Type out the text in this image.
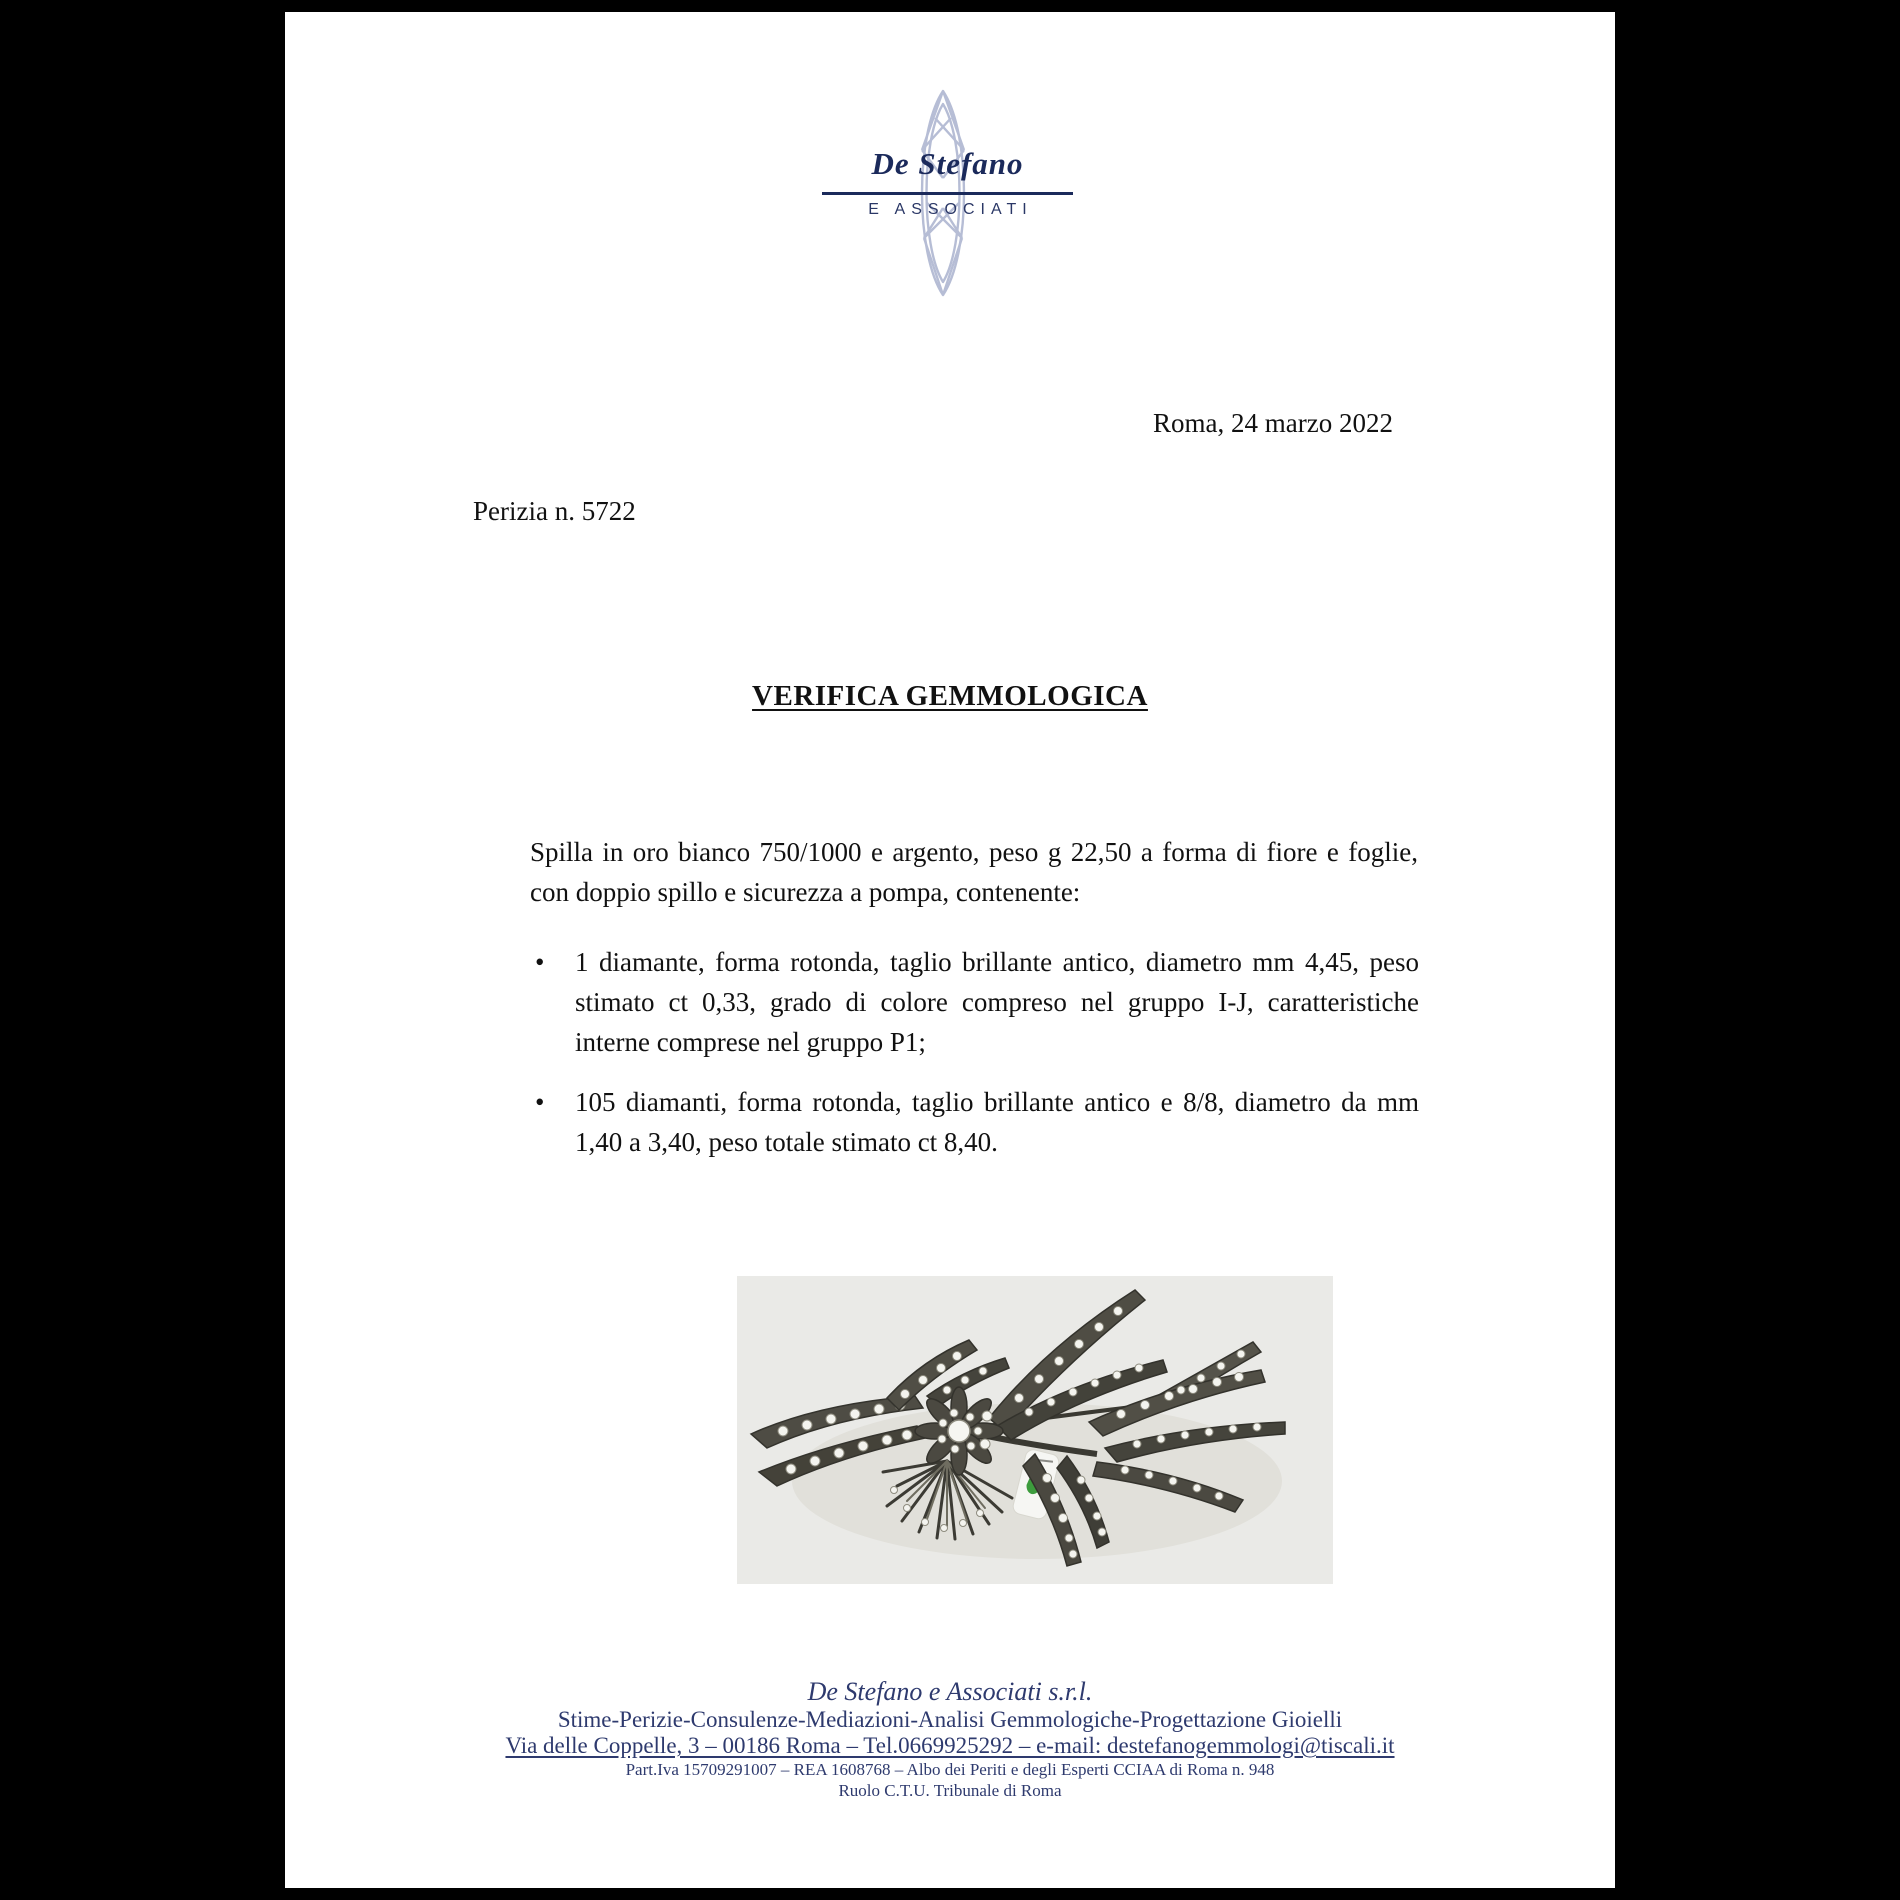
De Stefano
E ASSOCIATI
Roma, 24 marzo 2022
Perizia n. 5722
VERIFICA GEMMOLOGICA
Spilla in oro bianco 750/1000 e argento, peso g 22,50 a forma di fiore e foglie, con doppio spillo e sicurezza a pompa, contenente:
•	1 diamante, forma rotonda, taglio brillante antico, diametro mm 4,45, peso stimato ct 0,33, grado di colore compreso nel gruppo I-J, caratteristiche interne comprese nel gruppo P1;
•	105 diamanti, forma rotonda, taglio brillante antico e 8/8, diametro da mm 1,40 a 3,40, peso totale stimato ct 8,40.
De Stefano e Associati s.r.l.
Stime-Perizie-Consulenze-Mediazioni-Analisi Gemmologiche-Progettazione Gioielli
Via delle Coppelle, 3 – 00186 Roma – Tel.0669925292 – e-mail: destefanogemmologi@tiscali.it
Part.Iva 15709291007 – REA 1608768 – Albo dei Periti e degli Esperti CCIAA di Roma n. 948
Ruolo C.T.U. Tribunale di Roma
